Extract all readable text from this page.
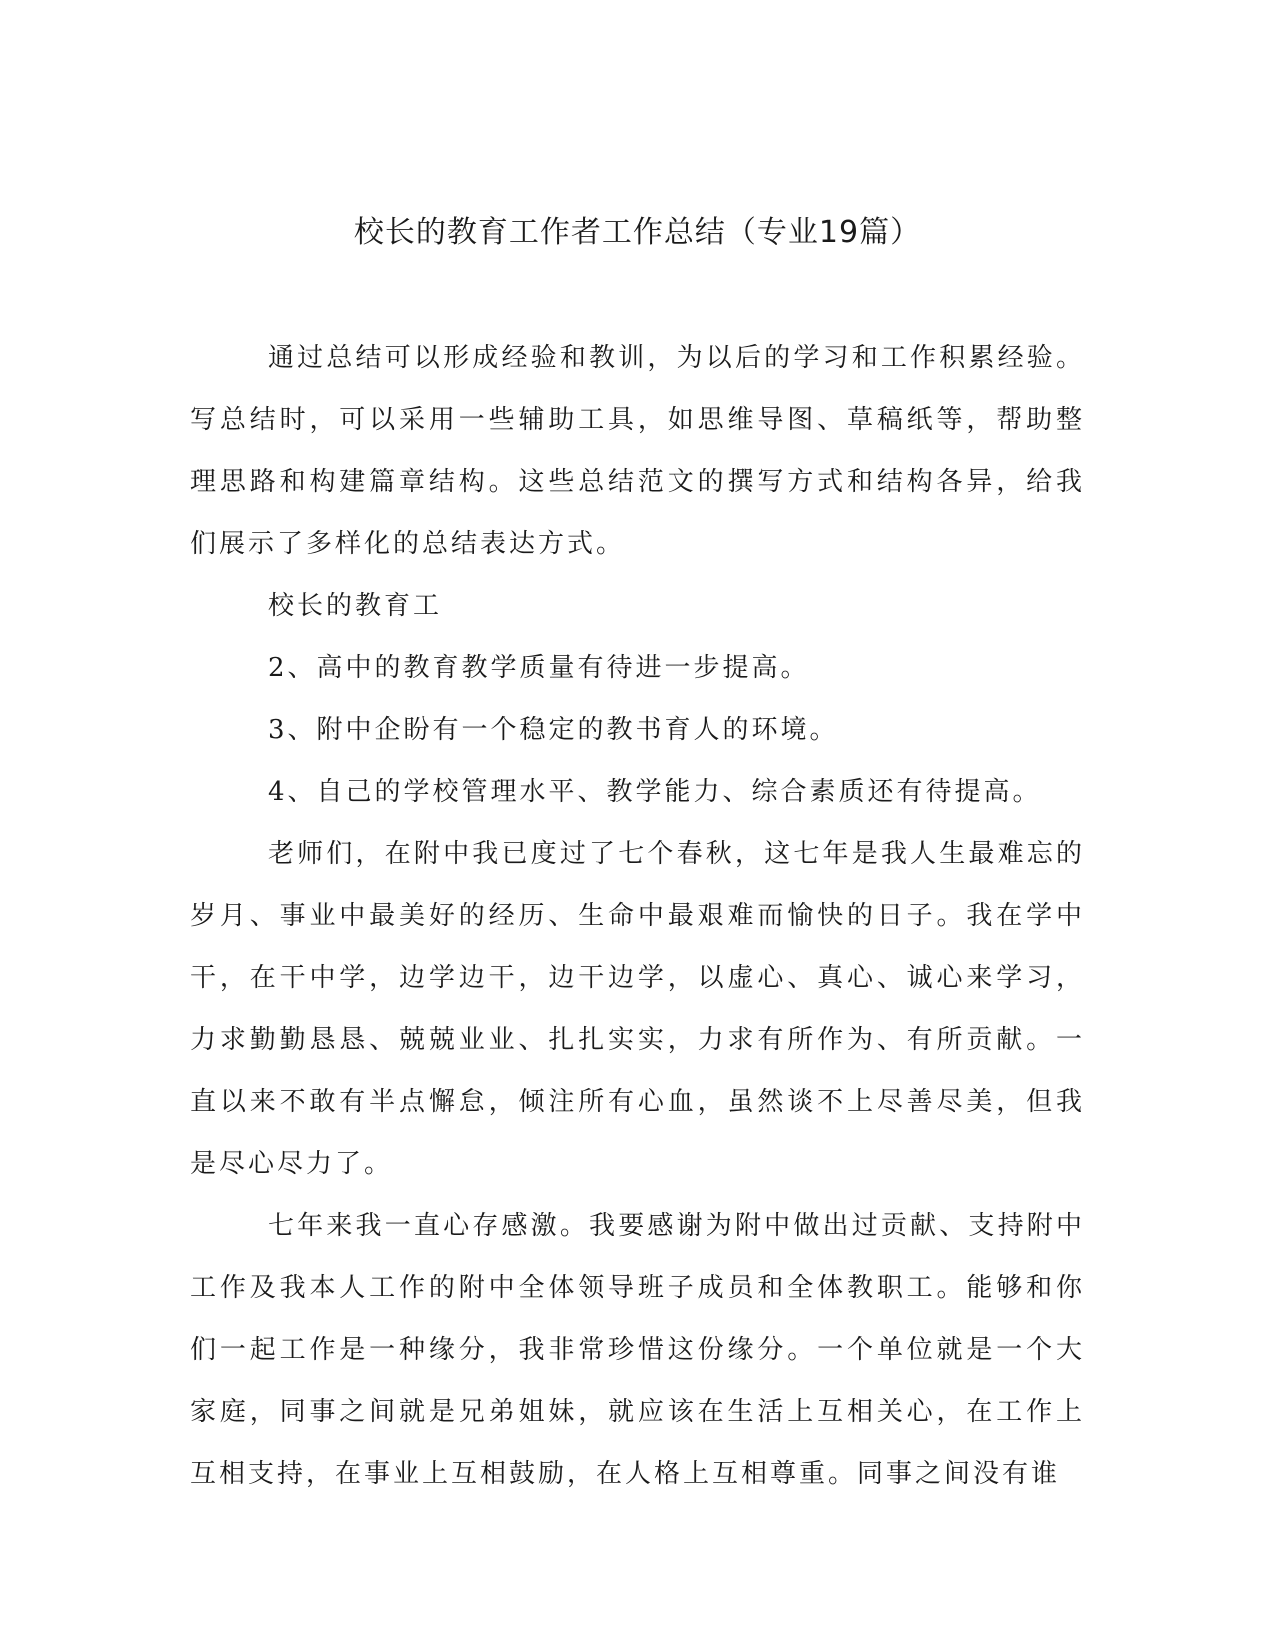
校长的教育工作者工作总结（专业19篇）

通过总结可以形成经验和教训，为以后的学习和工作积累经验。写总结时，可以采用一些辅助工具，如思维导图、草稿纸等，帮助整理思路和构建篇章结构。这些总结范文的撰写方式和结构各异，给我们展示了多样化的总结表达方式。

校长的教育工

2、高中的教育教学质量有待进一步提高。

3、附中企盼有一个稳定的教书育人的环境。

4、自己的学校管理水平、教学能力、综合素质还有待提高。

老师们，在附中我已度过了七个春秋，这七年是我人生最难忘的岁月、事业中最美好的经历、生命中最艰难而愉快的日子。我在学中干，在干中学，边学边干，边干边学，以虚心、真心、诚心来学习，力求勤勤恳恳、兢兢业业、扎扎实实，力求有所作为、有所贡献。一直以来不敢有半点懈怠，倾注所有心血，虽然谈不上尽善尽美，但我是尽心尽力了。

七年来我一直心存感激。我要感谢为附中做出过贡献、支持附中工作及我本人工作的附中全体领导班子成员和全体教职工。能够和你们一起工作是一种缘分，我非常珍惜这份缘分。一个单位就是一个大家庭，同事之间就是兄弟姐妹，就应该在生活上互相关心，在工作上互相支持，在事业上互相鼓励，在人格上互相尊重。同事之间没有谁
